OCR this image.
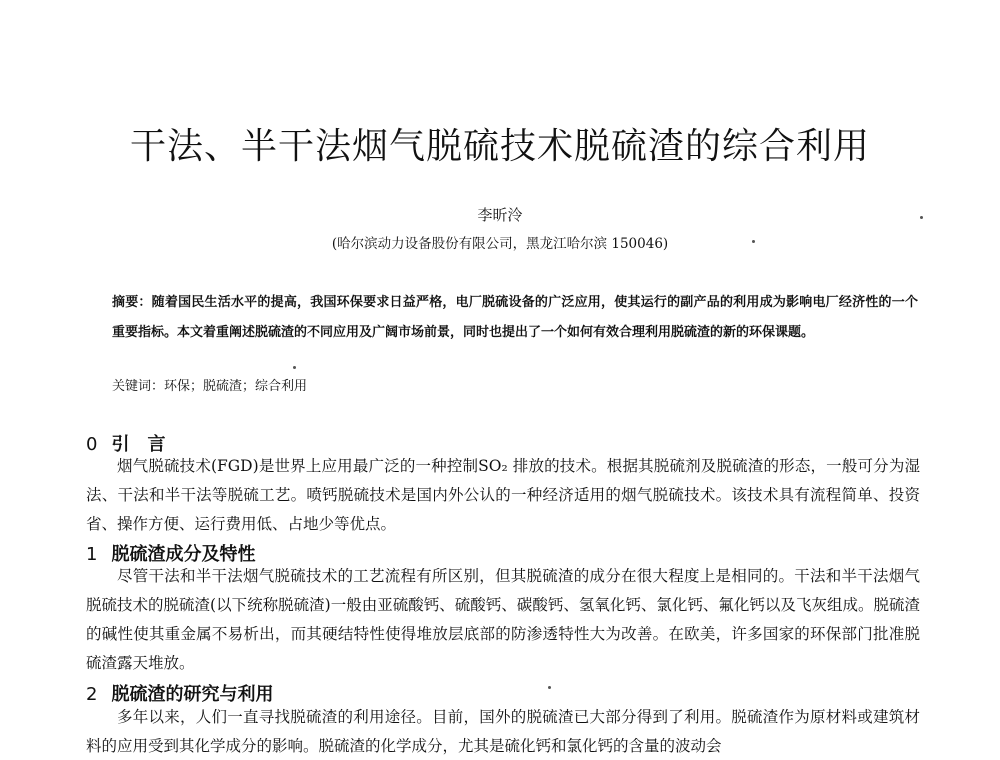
干法、半干法烟气脱硫技术脱硫渣的综合利用
李昕泠
(哈尔滨动力设备股份有限公司，黑龙江哈尔滨 150046)
摘要：随着国民生活水平的提高，我国环保要求日益严格，电厂脱硫设备的广泛应用，使其运行的副产品的利用成为影响电厂经济性的一个重要指标。本文着重阐述脱硫渣的不同应用及广阔市场前景，同时也提出了一个如何有效合理利用脱硫渣的新的环保课题。
关键词：环保；脱硫渣；综合利用
0 引　言
烟气脱硫技术(FGD)是世界上应用最广泛的一种控制SO₂ 排放的技术。根据其脱硫剂及脱硫渣的形态，一般可分为湿法、干法和半干法等脱硫工艺。喷钙脱硫技术是国内外公认的一种经济适用的烟气脱硫技术。该技术具有流程简单、投资省、操作方便、运行费用低、占地少等优点。
1 脱硫渣成分及特性
尽管干法和半干法烟气脱硫技术的工艺流程有所区别，但其脱硫渣的成分在很大程度上是相同的。干法和半干法烟气脱硫技术的脱硫渣(以下统称脱硫渣)一般由亚硫酸钙、硫酸钙、碳酸钙、氢氧化钙、氯化钙、氟化钙以及飞灰组成。脱硫渣的碱性使其重金属不易析出，而其硬结特性使得堆放层底部的防渗透特性大为改善。在欧美，许多国家的环保部门批准脱硫渣露天堆放。
2 脱硫渣的研究与利用
多年以来，人们一直寻找脱硫渣的利用途径。目前，国外的脱硫渣已大部分得到了利用。脱硫渣作为原材料或建筑材料的应用受到其化学成分的影响。脱硫渣的化学成分，尤其是硫化钙和氯化钙的含量的波动会
